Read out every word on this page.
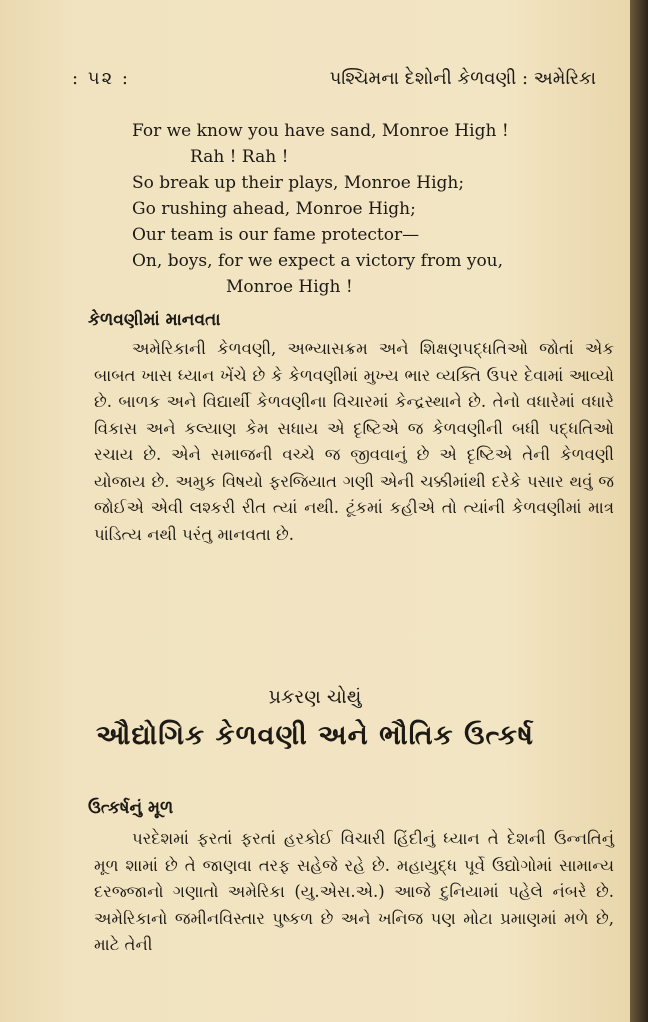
: ૫૨ :	પશ્ચિમના દેશોની કેળવણી : અમેરિકા
For we know you have sand, Monroe High !
Rah ! Rah !
So break up their plays, Monroe High;
Go rushing ahead, Monroe High;
Our team is our fame protector—
On, boys, for we expect a victory from you,
Monroe High !
કેળવણીમાં માનવતા
અમેરિકાની કેળવણી, અભ્યાસક્રમ અને શિક્ષણપદ્ધતિઓ જોતાં એક બાબત ખાસ ધ્યાન ખેંચે છે કે કેળવણીમાં મુખ્ય ભાર વ્યક્તિ ઉપર દેવામાં આવ્યો છે. બાળક અને વિદ્યાર્થી કેળવણીના વિચારમાં કેન્દ્રસ્થાને છે. તેનો વધારેમાં વધારે વિકાસ અને કલ્યાણ કેમ સધાય એ દૃષ્ટિએ જ કેળવણીની બધી પદ્ધતિઓ રચાય છે. એને સમાજની વચ્ચે જ જીવવાનું છે એ દૃષ્ટિએ તેની કેળવણી યોજાય છે. અમુક વિષયો ફરજિયાત ગણી એની ચક્કીમાંથી દરેકે પસાર થવું જ જોઈએ એવી લશ્કરી રીત ત્યાં નથી. ટૂંકમાં કહીએ તો ત્યાંની કેળવણીમાં માત્ર પાંડિત્ય નથી પરંતુ માનવતા છે.
પ્રકરણ ચોથું
ઔદ્યોગિક કેળવણી અને ભૌતિક ઉત્કર્ષ
ઉત્કર્ષનું મૂળ
પરદેશમાં ફરતાં ફરતાં હરકોઈ વિચારી હિંદીનું ધ્યાન તે દેશની ઉન્નતિનું મૂળ શામાં છે તે જાણવા તરફ સહેજે રહે છે. મહાયુદ્ધ પૂર્વે ઉદ્યોગોમાં સામાન્ય દરજ્જાનો ગણાતો અમેરિકા (યુ.એસ.એ.) આજે દુનિયામાં પહેલે નંબરે છે. અમેરિકાનો જમીનવિસ્તાર પુષ્કળ છે અને ખનિજ પણ મોટા પ્રમાણમાં મળે છે, માટે તેની
